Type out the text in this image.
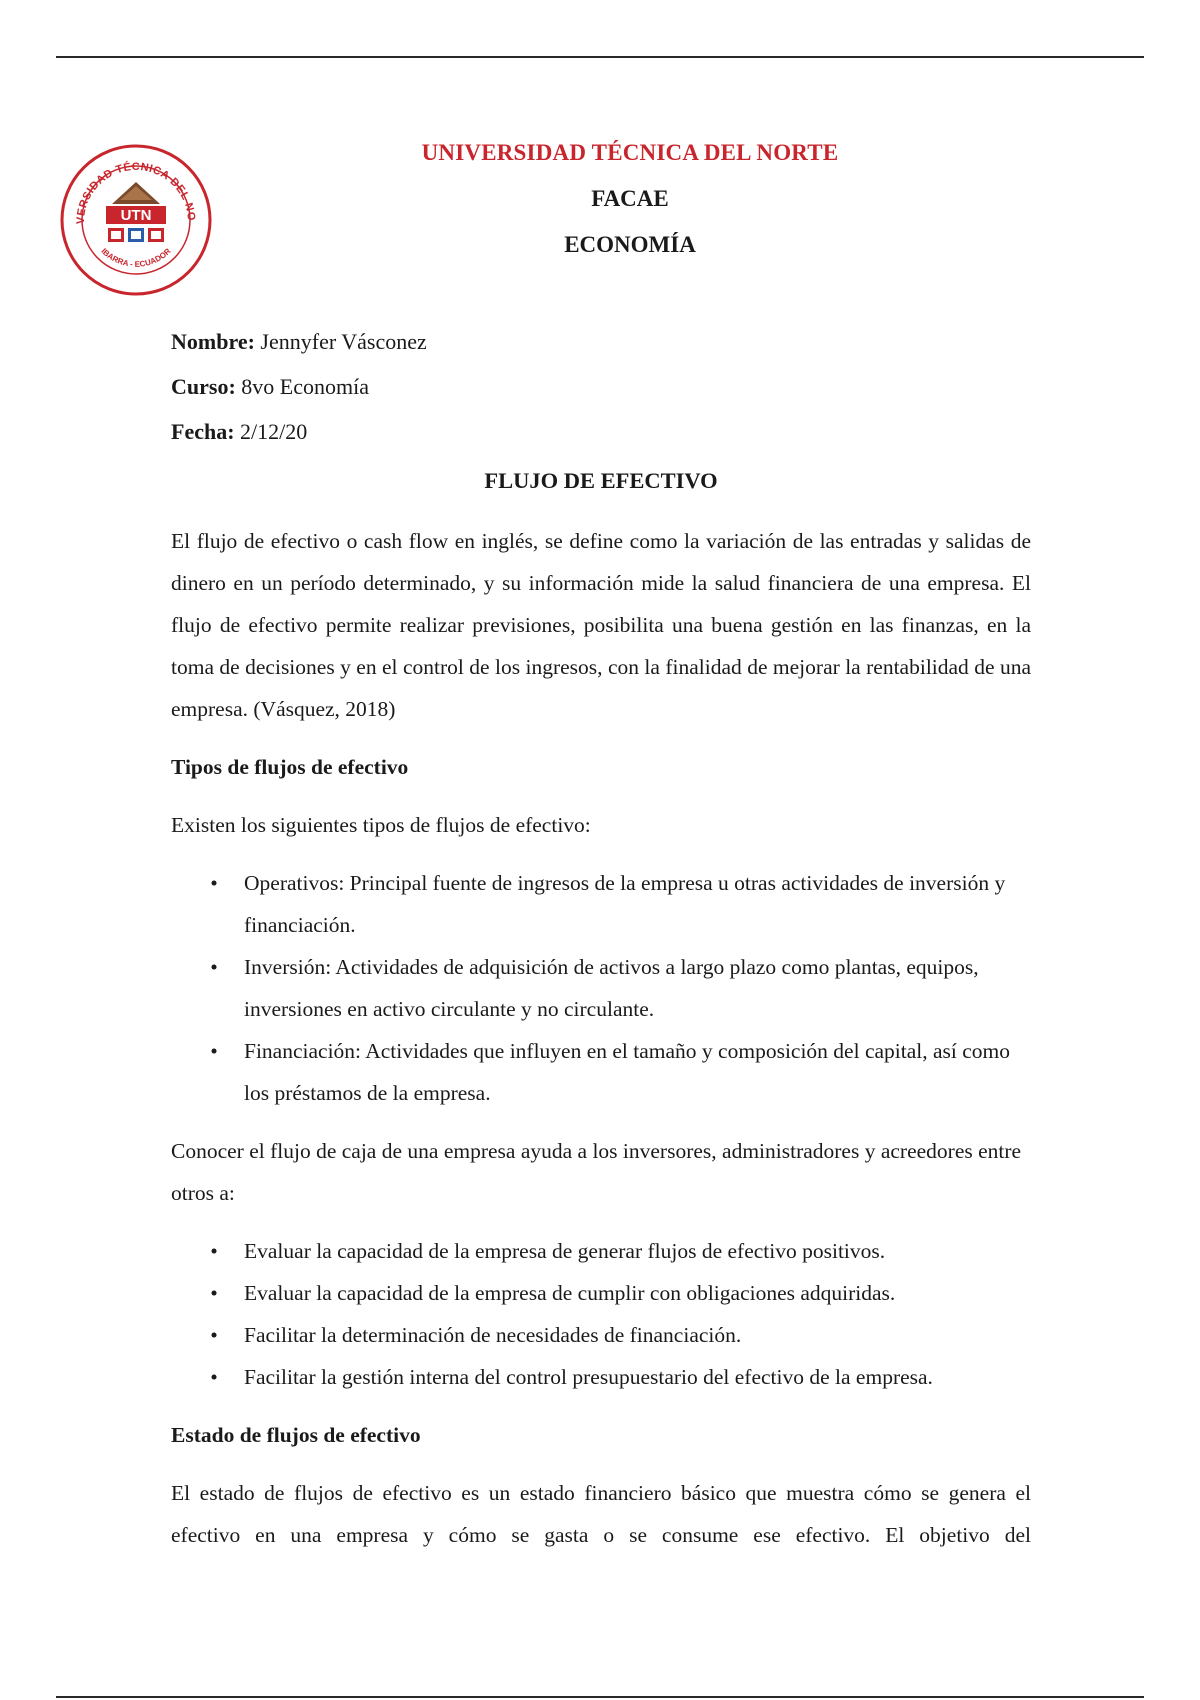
VERSIDAD TÉCNICA DEL NO
IBARRA - ECUADOR
UTN
UNIVERSIDAD TÉCNICA DEL NORTE
FACAE
ECONOMÍA
Nombre: Jennyfer Vásconez
Curso: 8vo Economía
Fecha: 2/12/20
FLUJO DE EFECTIVO

El flujo de efectivo o cash flow en inglés, se define como la variación de las entradas y salidas de dinero en un período determinado, y su información mide la salud financiera de una empresa. El flujo de efectivo permite realizar previsiones, posibilita una buena gestión en las finanzas, en la toma de decisiones y en el control de los ingresos, con la finalidad de mejorar la rentabilidad de una empresa. (Vásquez, 2018)

Tipos de flujos de efectivo

Existen los siguientes tipos de flujos de efectivo:

• Operativos: Principal fuente de ingresos de la empresa u otras actividades de inversión y financiación.
• Inversión: Actividades de adquisición de activos a largo plazo como plantas, equipos, inversiones en activo circulante y no circulante.
• Financiación: Actividades que influyen en el tamaño y composición del capital, así como los préstamos de la empresa.

Conocer el flujo de caja de una empresa ayuda a los inversores, administradores y acreedores entre otros a:

• Evaluar la capacidad de la empresa de generar flujos de efectivo positivos.
• Evaluar la capacidad de la empresa de cumplir con obligaciones adquiridas.
• Facilitar la determinación de necesidades de financiación.
• Facilitar la gestión interna del control presupuestario del efectivo de la empresa.

Estado de flujos de efectivo

El estado de flujos de efectivo es un estado financiero básico que muestra cómo se genera el efectivo en una empresa y cómo se gasta o se consume ese efectivo. El objetivo del
